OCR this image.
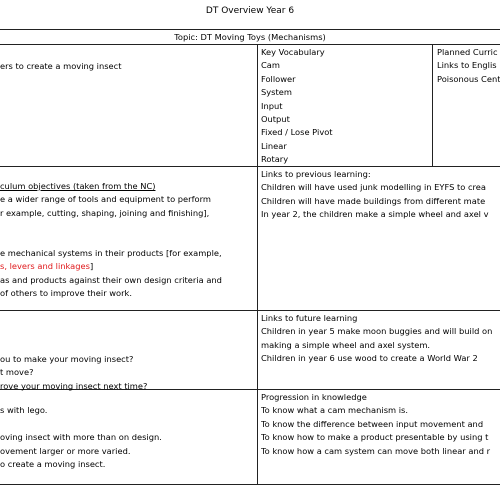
DT Overview Year 6
Topic: DT Moving Toys (Mechanisms)
ers to create a moving insect
Key Vocabulary
Cam
Follower
System
Input
Output
Fixed / Lose Pivot
Linear
Rotary
Planned Curric
Links to Englis
Poisonous Cent
culum objectives (taken from the NC)
e a wider range of tools and equipment to perform
r example, cutting, shaping, joining and finishing],
e mechanical systems in their products [for example,
s, levers and linkages]
as and products against their own design criteria and
of others to improve their work.
Links to previous learning:
Children will have used junk modelling in EYFS to crea
Children will have made buildings from different mate
In year 2, the children make a simple wheel and axel v
ou to make your moving insect?
t move?
rove your moving insect next time?
Links to future learning
Children in year 5 make moon buggies and will build on
making a simple wheel and axel system.
Children in year 6 use wood to create a World War 2
s with lego.
oving insect with more than on design.
ovement larger or more varied.
o create a moving insect.
Progression in knowledge
To know what a cam mechanism is.
To know the difference between input movement and
To know how to make a product presentable by using t
To know how a cam system can move both linear and r
